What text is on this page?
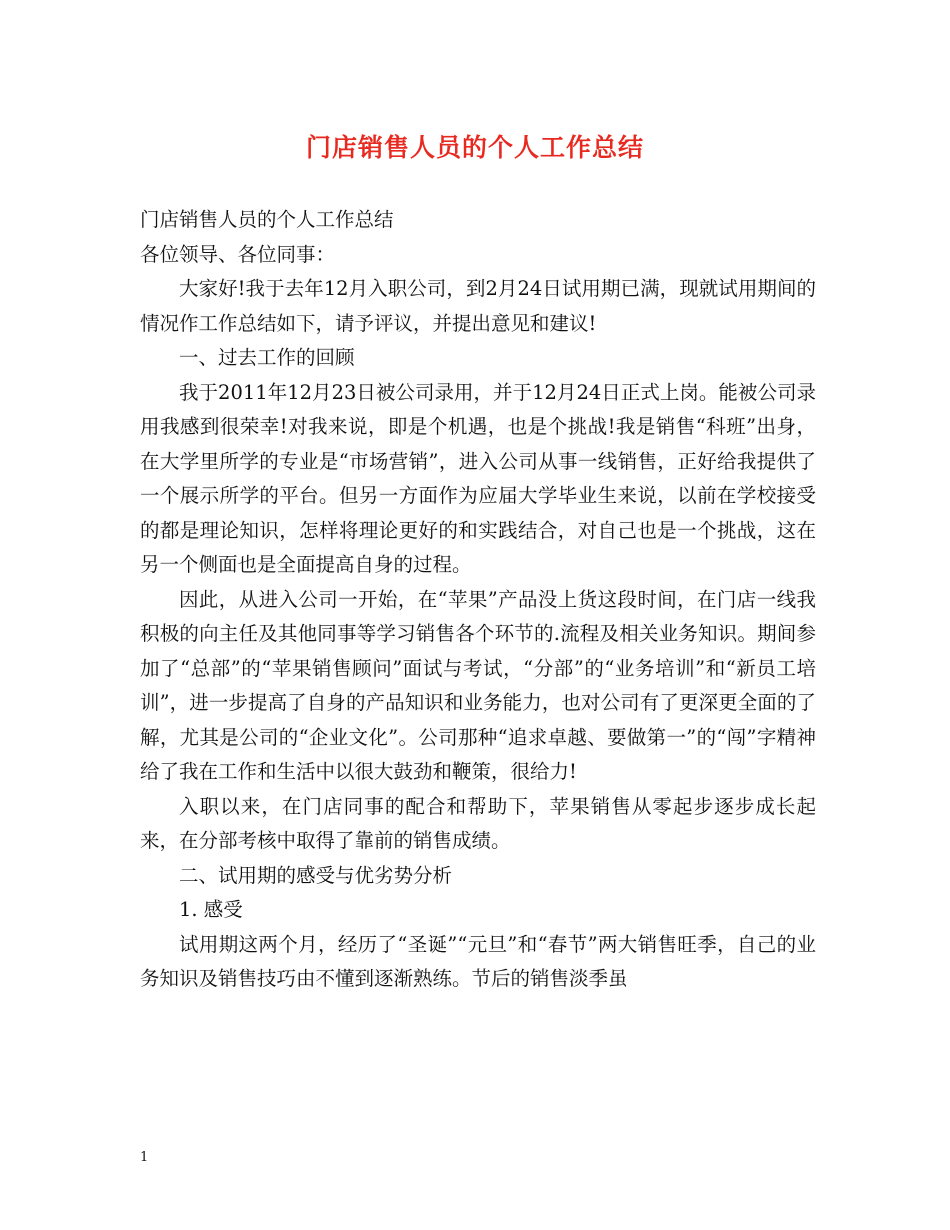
门店销售人员的个人工作总结

门店销售人员的个人工作总结

各位领导、各位同事：

大家好!我于去年12月入职公司，到2月24日试用期已满，现就试用期间的情况作工作总结如下，请予评议，并提出意见和建议!

一、过去工作的回顾

我于2011年12月23日被公司录用，并于12月24日正式上岗。能被公司录用我感到很荣幸!对我来说，即是个机遇，也是个挑战!我是销售“科班”出身，在大学里所学的专业是“市场营销”，进入公司从事一线销售，正好给我提供了一个展示所学的平台。但另一方面作为应届大学毕业生来说，以前在学校接受的都是理论知识，怎样将理论更好的和实践结合，对自己也是一个挑战，这在另一个侧面也是全面提高自身的过程。

因此，从进入公司一开始，在“苹果”产品没上货这段时间，在门店一线我积极的向主任及其他同事等学习销售各个环节的.流程及相关业务知识。期间参加了“总部”的“苹果销售顾问”面试与考试，“分部”的“业务培训”和“新员工培训”，进一步提高了自身的产品知识和业务能力，也对公司有了更深更全面的了解，尤其是公司的“企业文化”。公司那种“追求卓越、要做第一”的“闯”字精神给了我在工作和生活中以很大鼓劲和鞭策，很给力!

入职以来，在门店同事的配合和帮助下，苹果销售从零起步逐步成长起来，在分部考核中取得了靠前的销售成绩。

二、试用期的感受与优劣势分析

1. 感受

试用期这两个月，经历了“圣诞”“元旦”和“春节”两大销售旺季，自己的业务知识及销售技巧由不懂到逐渐熟练。节后的销售淡季虽

1
